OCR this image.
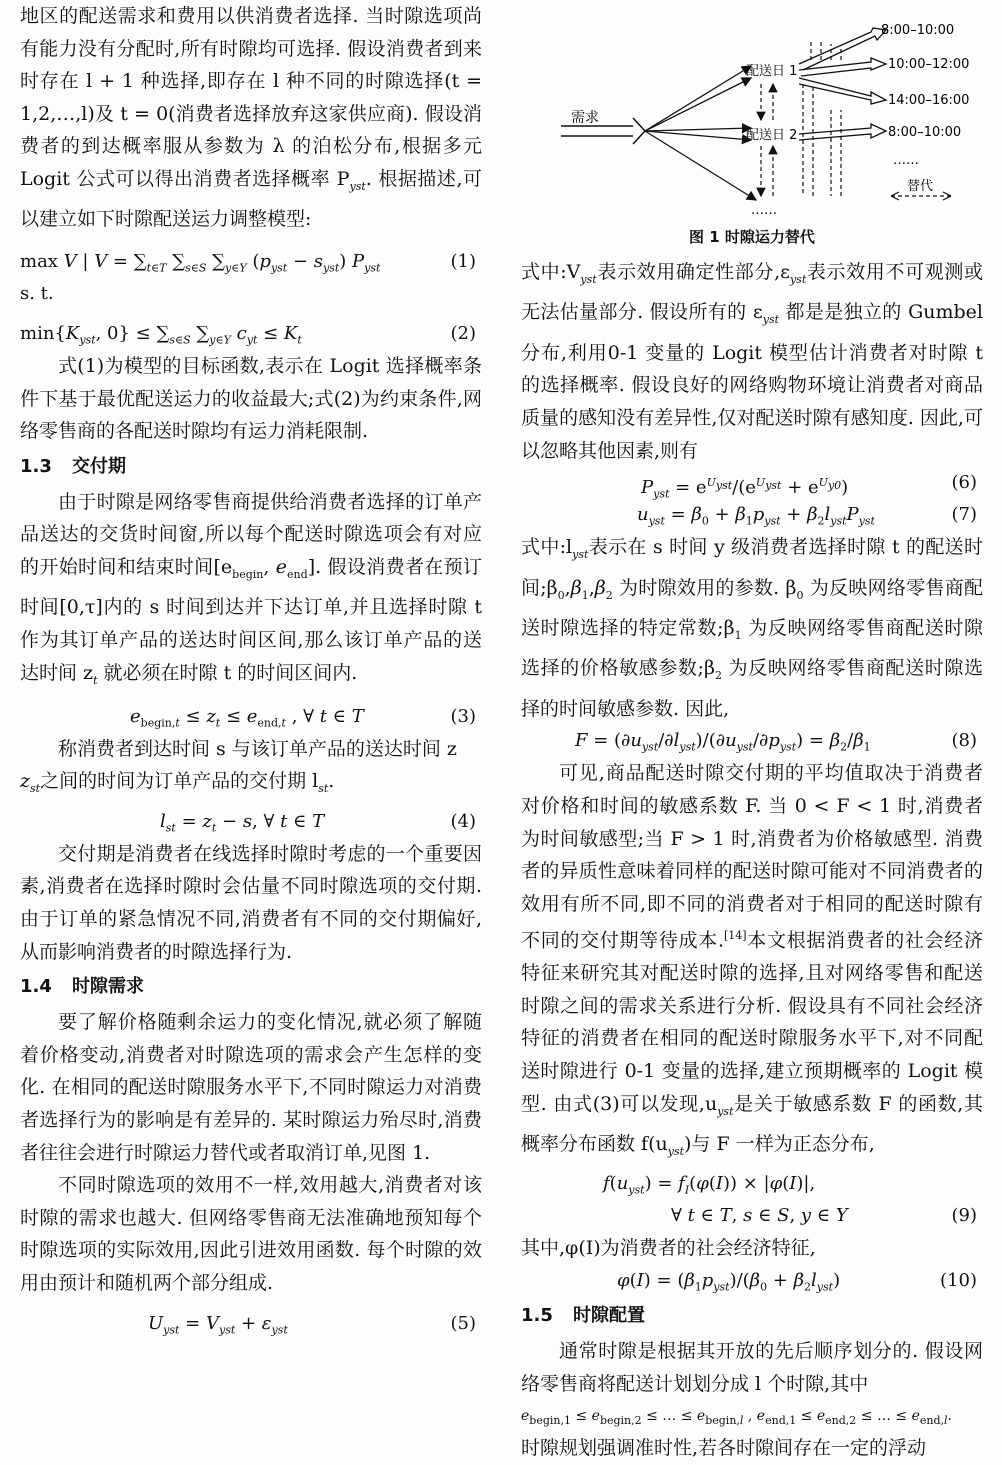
地区的配送需求和费用以供消费者选择. 当时隙选项尚有能力没有分配时,所有时隙均可选择. 假设消费者到来时存在 l + 1 种选择,即存在 l 种不同的时隙选择(t = 1,2,…,l)及 t = 0(消费者选择放弃这家供应商). 假设消费者的到达概率服从参数为 λ 的泊松分布,根据多元 Logit 公式可以得出消费者选择概率 $P_{yst}$. 根据描述,可以建立如下时隙配送运力调整模型:

max V | $V = \sum_{t\in T}$ $\sum_{s\in S}$ $\sum_{y\in Y}$ $(p_{yst} - s_{yst})$ $P_{yst}$	(1)
s. t.
$\min\{K_{yst}$, $0\} \le \sum_{s\in S}$ $\sum_{y\in Y}$ $c_{yt} \le K_t$	(2)

式(1)为模型的目标函数,表示在 Logit 选择概率条件下基于最优配送运力的收益最大;式(2)为约束条件,网络零售商的各配送时隙均有运力消耗限制.

1.3 交付期

由于时隙是网络零售商提供给消费者选择的订单产品送达的交货时间窗,所以每个配送时隙选项会有对应的开始时间和结束时间[$e_{begin}$, $e_{end}$]. 假设消费者在预订时间[0,τ]内的 s 时间到达并下达订单,并且选择时隙 t 作为其订单产品的送达时间区间,那么该订单产品的送达时间 $z_t$ 就必须在时隙 t 的时间区间内.

$e_{begin,t} \le z_t \le e_{end,t}$ , ∀ t ∈ T	(3)

称消费者到达时间 s 与该订单产品的送达时间 z
$z_{st}$之间的时间为订单产品的交付期 $l_{st}$.

$l_{st} = z_t - s$, ∀ t ∈ T	(4)

交付期是消费者在线选择时隙时考虑的一个重要因素,消费者在选择时隙时会估量不同时隙选项的交付期. 由于订单的紧急情况不同,消费者有不同的交付期偏好,从而影响消费者的时隙选择行为.

1.4 时隙需求

要了解价格随剩余运力的变化情况,就必须了解随着价格变动,消费者对时隙选项的需求会产生怎样的变化. 在相同的配送时隙服务水平下,不同时隙运力对消费者选择行为的影响是有差异的. 某时隙运力殆尽时,消费者往往会进行时隙运力替代或者取消订单,见图 1.

不同时隙选项的效用不一样,效用越大,消费者对该时隙的需求也越大. 但网络零售商无法准确地预知每个时隙选项的实际效用,因此引进效用函数. 每个时隙的效用由预计和随机两个部分组成.

$U_{yst} = V_{yst} + \varepsilon_{yst}$	(5)
需求
配送日 1
配送日 2
8:00–10:00
10:00–12:00
14:00–16:00
8:00–10:00
……
……
替代
图 1 时隙运力替代

式中$:V_{yst}$表示效用确定性部分$,\varepsilon_{yst}$表示效用不可观测或无法估量部分. 假设所有的 $\varepsilon_{yst}$ 都是是独立的 Gumbel 分布,利用0-1 变量的 Logit 模型估计消费者对时隙 t 的选择概率. 假设良好的网络购物环境让消费者对商品质量的感知没有差异性,仅对配送时隙有感知度. 因此,可以忽略其他因素,则有

$P_{yst} = e^{U_{yst}}/(e^{U_{yst}} + e^{U_{y0}})$	(6)
$u_{yst} = \beta_0 + \beta_1p_{yst} + \beta_2l_{yst}P_{yst}$	(7)

式中$:l_{yst}$表示在 s 时间 y 级消费者选择时隙 t 的配送时间$;\beta_0,\beta_1,\beta_2$ 为时隙效用的参数. $\beta_0$ 为反映网络零售商配送时隙选择的特定常数$;\beta_1$ 为反映网络零售商配送时隙选择的价格敏感参数$;\beta_2$ 为反映网络零售商配送时隙选择的时间敏感参数. 因此,

$F = (\partial u_{yst}/\partial l_{yst})/(\partial u_{yst}/\partial p_{yst}) = \beta_2/\beta_1$	(8)

可见,商品配送时隙交付期的平均值取决于消费者对价格和时间的敏感系数 F. 当 0 < F < 1 时,消费者为时间敏感型;当 F > 1 时,消费者为价格敏感型. 消费者的异质性意味着同样的配送时隙可能对不同消费者的效用有所不同,即不同的消费者对于相同的配送时隙有不同的交付期等待成本.[14]本文根据消费者的社会经济特征来研究其对配送时隙的选择,且对网络零售和配送时隙之间的需求关系进行分析. 假设具有不同社会经济特征的消费者在相同的配送时隙服务水平下,对不同配送时隙进行 0-1 变量的选择,建立预期概率的 Logit 模型. 由式(3)可以发现$,u_{yst}$是关于敏感系数 F 的函数,其概率分布函数 $f(u_{yst})$与 F 一样为正态分布,

$f(u_{yst}) = f_I(\varphi(I)) \times |\varphi(I)|$,
∀ t ∈ T, s ∈ S, y ∈ Y	(9)

其中,φ(I)为消费者的社会经济特征,

$\varphi(I) = (\beta_1p_{yst})/(\beta_0 + \beta_2l_{yst})$	(10)
1.5 时隙配置

通常时隙是根据其开放的先后顺序划分的. 假设网络零售商将配送计划划分成 l 个时隙,其中

$e_{begin,1} \le e_{begin,2}$ ≤ … ≤ $e_{begin,l}$ , $e_{end,1} \le e_{end,2}$ ≤ … ≤ $e_{end,l}$.

时隙规划强调准时性,若各时隙间存在一定的浮动
